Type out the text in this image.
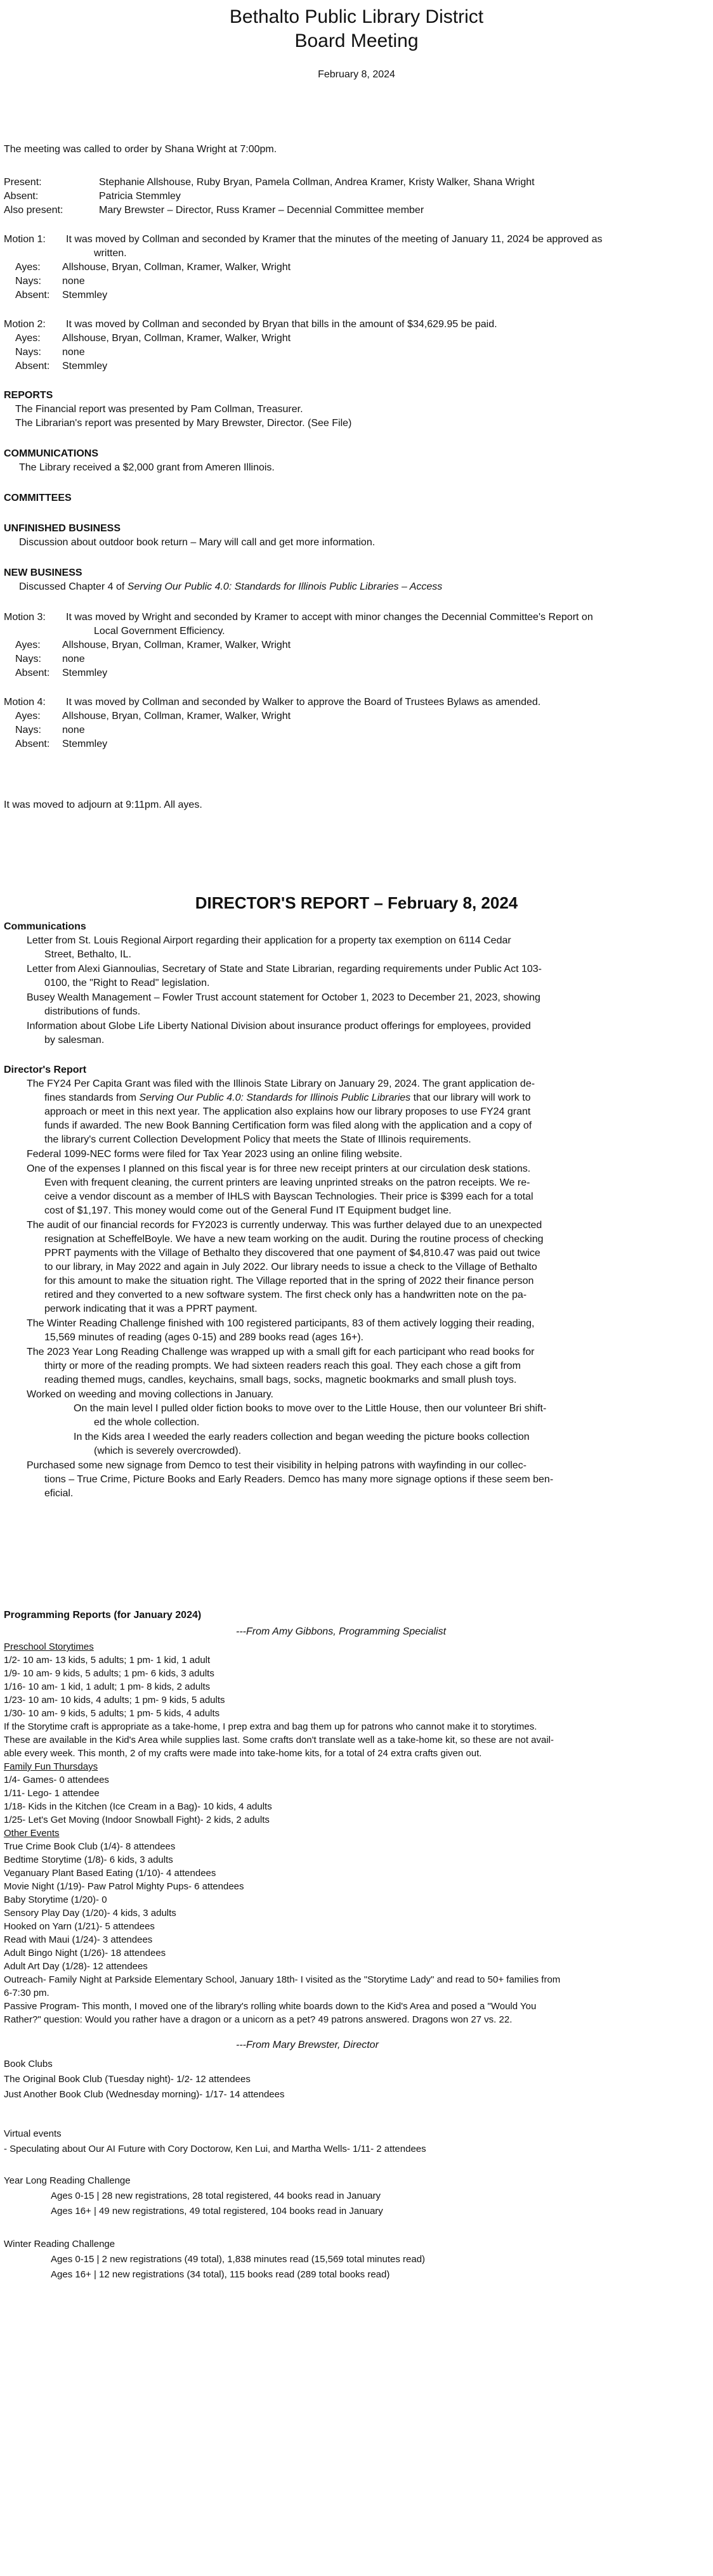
Bethalto Public Library District
Board Meeting
February 8, 2024
The meeting was called to order by Shana Wright at 7:00pm.
Present:	Stephanie Allshouse, Ruby Bryan, Pamela Collman, Andrea Kramer, Kristy Walker, Shana Wright
Absent:	Patricia Stemmley
Also present:	Mary Brewster – Director, Russ Kramer – Decennial Committee member
Motion 1: It was moved by Collman and seconded by Kramer that the minutes of the meeting of January 11, 2024 be approved as
written.
Ayes: Allshouse, Bryan, Collman, Kramer, Walker, Wright
Nays: none
Absent: Stemmley
Motion 2: It was moved by Collman and seconded by Bryan that bills in the amount of $34,629.95 be paid.
Ayes: Allshouse, Bryan, Collman, Kramer, Walker, Wright
Nays: none
Absent: Stemmley
REPORTS
The Financial report was presented by Pam Collman, Treasurer.
The Librarian's report was presented by Mary Brewster, Director. (See File)
COMMUNICATIONS
The Library received a $2,000 grant from Ameren Illinois.
COMMITTEES
UNFINISHED BUSINESS
Discussion about outdoor book return – Mary will call and get more information.
NEW BUSINESS
Discussed Chapter 4 of Serving Our Public 4.0: Standards for Illinois Public Libraries – Access
Motion 3: It was moved by Wright and seconded by Kramer to accept with minor changes the Decennial Committee's Report on
Local Government Efficiency.
Ayes: Allshouse, Bryan, Collman, Kramer, Walker, Wright
Nays: none
Absent: Stemmley
Motion 4: It was moved by Collman and seconded by Walker to approve the Board of Trustees Bylaws as amended.
Ayes: Allshouse, Bryan, Collman, Kramer, Walker, Wright
Nays: none
Absent: Stemmley
It was moved to adjourn at 9:11pm. All ayes.
DIRECTOR'S REPORT – February 8, 2024
Communications
Letter from St. Louis Regional Airport regarding their application for a property tax exemption on 6114 Cedar
Street, Bethalto, IL.
Letter from Alexi Giannoulias, Secretary of State and State Librarian, regarding requirements under Public Act 103-
0100, the "Right to Read" legislation.
Busey Wealth Management – Fowler Trust account statement for October 1, 2023 to December 21, 2023, showing
distributions of funds.
Information about Globe Life Liberty National Division about insurance product offerings for employees, provided
by salesman.
Director's Report
The FY24 Per Capita Grant was filed with the Illinois State Library on January 29, 2024. The grant application de-
fines standards from Serving Our Public 4.0: Standards for Illinois Public Libraries that our library will work to
approach or meet in this next year. The application also explains how our library proposes to use FY24 grant
funds if awarded. The new Book Banning Certification form was filed along with the application and a copy of
the library's current Collection Development Policy that meets the State of Illinois requirements.
Federal 1099-NEC forms were filed for Tax Year 2023 using an online filing website.
One of the expenses I planned on this fiscal year is for three new receipt printers at our circulation desk stations.
Even with frequent cleaning, the current printers are leaving unprinted streaks on the patron receipts. We re-
ceive a vendor discount as a member of IHLS with Bayscan Technologies. Their price is $399 each for a total
cost of $1,197. This money would come out of the General Fund IT Equipment budget line.
The audit of our financial records for FY2023 is currently underway. This was further delayed due to an unexpected
resignation at ScheffelBoyle. We have a new team working on the audit. During the routine process of checking
PPRT payments with the Village of Bethalto they discovered that one payment of $4,810.47 was paid out twice
to our library, in May 2022 and again in July 2022. Our library needs to issue a check to the Village of Bethalto
for this amount to make the situation right. The Village reported that in the spring of 2022 their finance person
retired and they converted to a new software system. The first check only has a handwritten note on the pa-
perwork indicating that it was a PPRT payment.
The Winter Reading Challenge finished with 100 registered participants, 83 of them actively logging their reading,
15,569 minutes of reading (ages 0-15) and 289 books read (ages 16+).
The 2023 Year Long Reading Challenge was wrapped up with a small gift for each participant who read books for
thirty or more of the reading prompts. We had sixteen readers reach this goal. They each chose a gift from
reading themed mugs, candles, keychains, small bags, socks, magnetic bookmarks and small plush toys.
Worked on weeding and moving collections in January.
On the main level I pulled older fiction books to move over to the Little House, then our volunteer Bri shift-
ed the whole collection.
In the Kids area I weeded the early readers collection and began weeding the picture books collection
(which is severely overcrowded).
Purchased some new signage from Demco to test their visibility in helping patrons with wayfinding in our collec-
tions – True Crime, Picture Books and Early Readers. Demco has many more signage options if these seem ben-
eficial.
Programming Reports (for January 2024)
---From Amy Gibbons, Programming Specialist
Preschool Storytimes
1/2- 10 am- 13 kids, 5 adults; 1 pm- 1 kid, 1 adult
1/9- 10 am- 9 kids, 5 adults; 1 pm- 6 kids, 3 adults
1/16- 10 am- 1 kid, 1 adult; 1 pm- 8 kids, 2 adults
1/23- 10 am- 10 kids, 4 adults; 1 pm- 9 kids, 5 adults
1/30- 10 am- 9 kids, 5 adults; 1 pm- 5 kids, 4 adults
If the Storytime craft is appropriate as a take-home, I prep extra and bag them up for patrons who cannot make it to storytimes.
These are available in the Kid's Area while supplies last. Some crafts don't translate well as a take-home kit, so these are not avail-
able every week. This month, 2 of my crafts were made into take-home kits, for a total of 24 extra crafts given out.
Family Fun Thursdays
1/4- Games- 0 attendees
1/11- Lego- 1 attendee
1/18- Kids in the Kitchen (Ice Cream in a Bag)- 10 kids, 4 adults
1/25- Let's Get Moving (Indoor Snowball Fight)- 2 kids, 2 adults
Other Events
True Crime Book Club (1/4)- 8 attendees
Bedtime Storytime (1/8)- 6 kids, 3 adults
Veganuary Plant Based Eating (1/10)- 4 attendees
Movie Night (1/19)- Paw Patrol Mighty Pups- 6 attendees
Baby Storytime (1/20)- 0
Sensory Play Day (1/20)- 4 kids, 3 adults
Hooked on Yarn (1/21)- 5 attendees
Read with Maui (1/24)- 3 attendees
Adult Bingo Night (1/26)- 18 attendees
Adult Art Day (1/28)- 12 attendees
Outreach- Family Night at Parkside Elementary School, January 18th- I visited as the "Storytime Lady" and read to 50+ families from
6-7:30 pm.
Passive Program- This month, I moved one of the library's rolling white boards down to the Kid's Area and posed a "Would You
Rather?" question: Would you rather have a dragon or a unicorn as a pet? 49 patrons answered. Dragons won 27 vs. 22.
---From Mary Brewster, Director
Book Clubs
The Original Book Club (Tuesday night)- 1/2- 12 attendees
Just Another Book Club (Wednesday morning)- 1/17- 14 attendees
Virtual events
- Speculating about Our AI Future with Cory Doctorow, Ken Lui, and Martha Wells- 1/11- 2 attendees
Year Long Reading Challenge
Ages 0-15 | 28 new registrations, 28 total registered, 44 books read in January
Ages 16+ | 49 new registrations, 49 total registered, 104 books read in January
Winter Reading Challenge
Ages 0-15 | 2 new registrations (49 total), 1,838 minutes read (15,569 total minutes read)
Ages 16+ | 12 new registrations (34 total), 115 books read (289 total books read)
